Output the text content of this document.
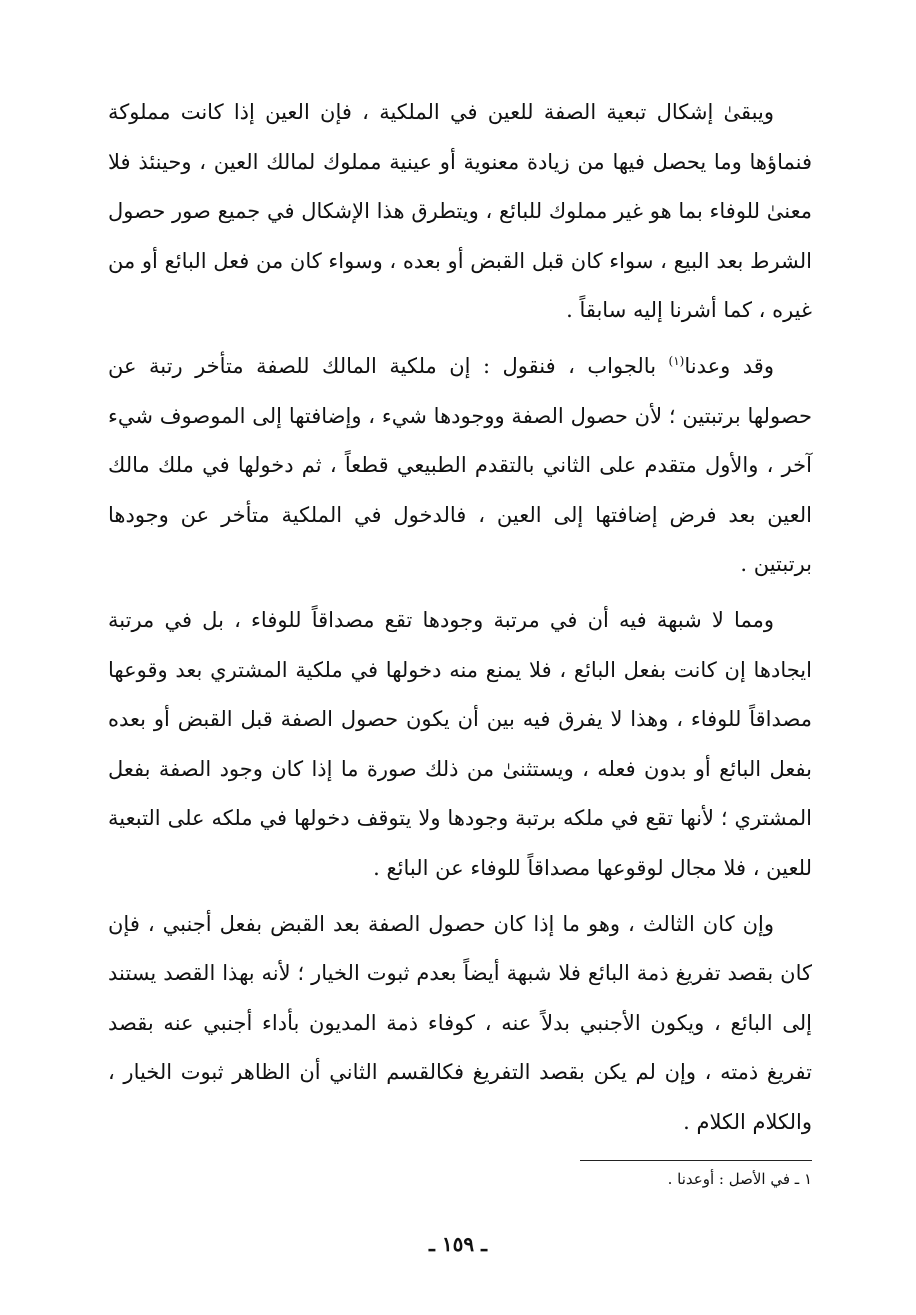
ويبقىٰ إشكال تبعية الصفة للعين في الملكية ، فإن العين إذا كانت مملوكة فنماؤها وما يحصل فيها من زيادة معنوية أو عينية مملوك لمالك العين ، وحينئذ فلا معنىٰ للوفاء بما هو غير مملوك للبائع ، ويتطرق هذا الإشكال في جميع صور حصول الشرط بعد البيع ، سواء كان قبل القبض أو بعده ، وسواء كان من فعل البائع أو من غيره ، كما أشرنا إليه سابقاً .

وقد وعدنا$^{(١)}$ بالجواب ، فنقول : إن ملكية المالك للصفة متأخر رتبة عن حصولها برتبتين ؛ لأن حصول الصفة ووجودها شيء ، وإضافتها إلى الموصوف شيء آخر ، والأول متقدم على الثاني بالتقدم الطبيعي قطعاً ، ثم دخولها في ملك مالك العين بعد فرض إضافتها إلى العين ، فالدخول في الملكية متأخر عن وجودها برتبتين .

ومما لا شبهة فيه أن في مرتبة وجودها تقع مصداقاً للوفاء ، بل في مرتبة ايجادها إن كانت بفعل البائع ، فلا يمنع منه دخولها في ملكية المشتري بعد وقوعها مصداقاً للوفاء ، وهذا لا يفرق فيه بين أن يكون حصول الصفة قبل القبض أو بعده بفعل البائع أو بدون فعله ، ويستثنىٰ من ذلك صورة ما إذا كان وجود الصفة بفعل المشتري ؛ لأنها تقع في ملكه برتبة وجودها ولا يتوقف دخولها في ملكه على التبعية للعين ، فلا مجال لوقوعها مصداقاً للوفاء عن البائع .

وإن كان الثالث ، وهو ما إذا كان حصول الصفة بعد القبض بفعل أجنبي ، فإن كان بقصد تفريغ ذمة البائع فلا شبهة أيضاً بعدم ثبوت الخيار ؛ لأنه بهذا القصد يستند إلى البائع ، ويكون الأجنبي بدلاً عنه ، كوفاء ذمة المديون بأداء أجنبي عنه بقصد تفريغ ذمته ، وإن لم يكن بقصد التفريغ فكالقسم الثاني أن الظاهر ثبوت الخيار ، والكلام الكلام .

١ ـ في الأصل : أوعدنا .
ـ ١٥٩ ـ
